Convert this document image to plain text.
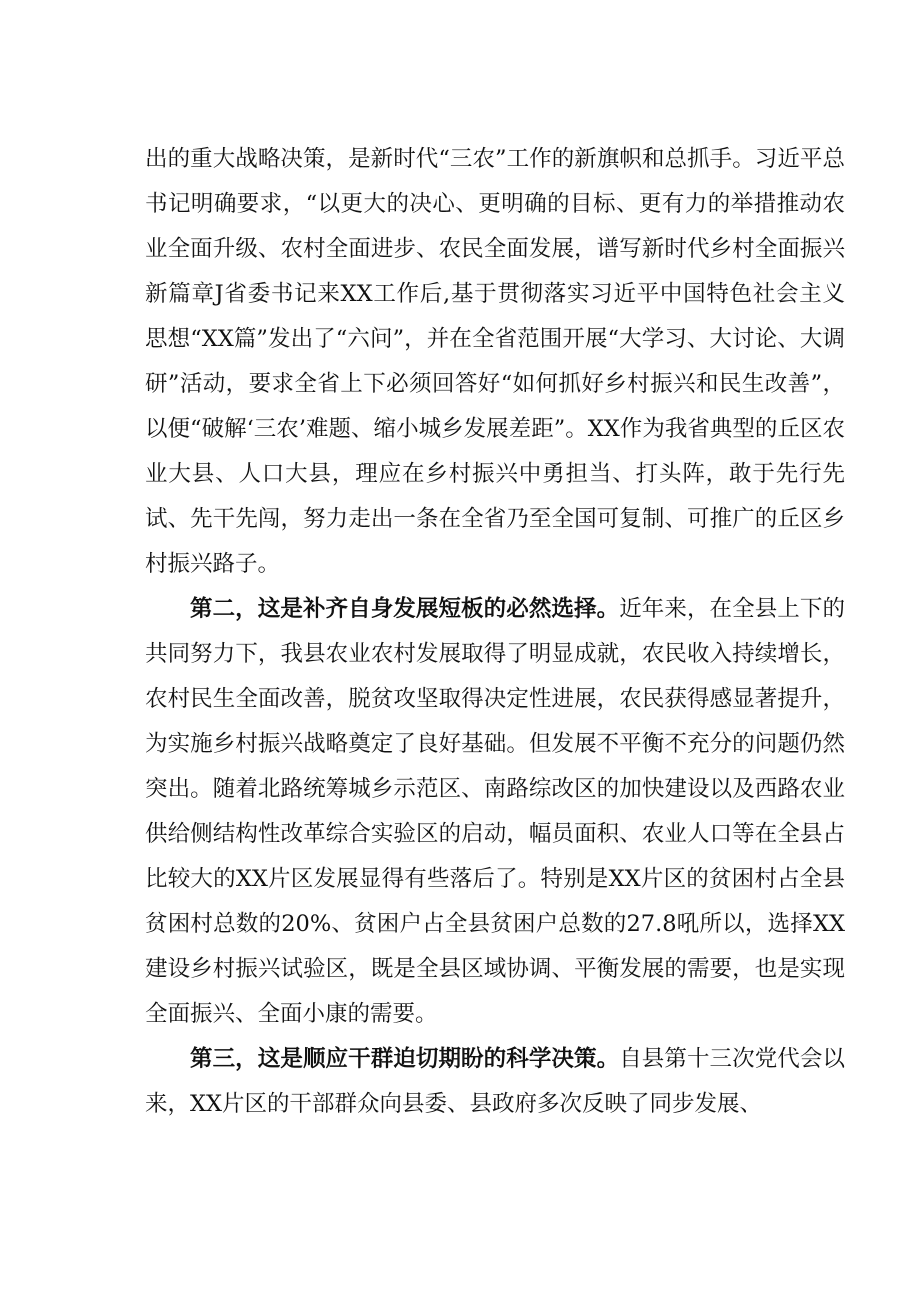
出的重大战略决策，是新时代“三农”工作的新旗帜和总抓手。习近平总书记明确要求，“以更大的决心、更明确的目标、更有力的举措推动农业全面升级、农村全面进步、农民全面发展，谱写新时代乡村全面振兴新篇章J省委书记来XX工作后,基于贯彻落实习近平中国特色社会主义思想“XX篇”发出了“六问”，并在全省范围开展“大学习、大讨论、大调研”活动，要求全省上下必须回答好“如何抓好乡村振兴和民生改善”，以便“破解‘三农’难题、缩小城乡发展差距”。XX作为我省典型的丘区农业大县、人口大县，理应在乡村振兴中勇担当、打头阵，敢于先行先试、先干先闯，努力走出一条在全省乃至全国可复制、可推广的丘区乡村振兴路子。

第二，这是补齐自身发展短板的必然选择。近年来，在全县上下的共同努力下，我县农业农村发展取得了明显成就，农民收入持续增长，农村民生全面改善，脱贫攻坚取得决定性进展，农民获得感显著提升，为实施乡村振兴战略奠定了良好基础。但发展不平衡不充分的问题仍然突出。随着北路统筹城乡示范区、南路综改区的加快建设以及西路农业供给侧结构性改革综合实验区的启动，幅员面积、农业人口等在全县占比较大的XX片区发展显得有些落后了。特别是XX片区的贫困村占全县贫困村总数的20%、贫困户占全县贫困户总数的27.8吼所以，选择XX建设乡村振兴试验区，既是全县区域协调、平衡发展的需要，也是实现全面振兴、全面小康的需要。

第三，这是顺应干群迫切期盼的科学决策。自县第十三次党代会以来，XX片区的干部群众向县委、县政府多次反映了同步发展、
